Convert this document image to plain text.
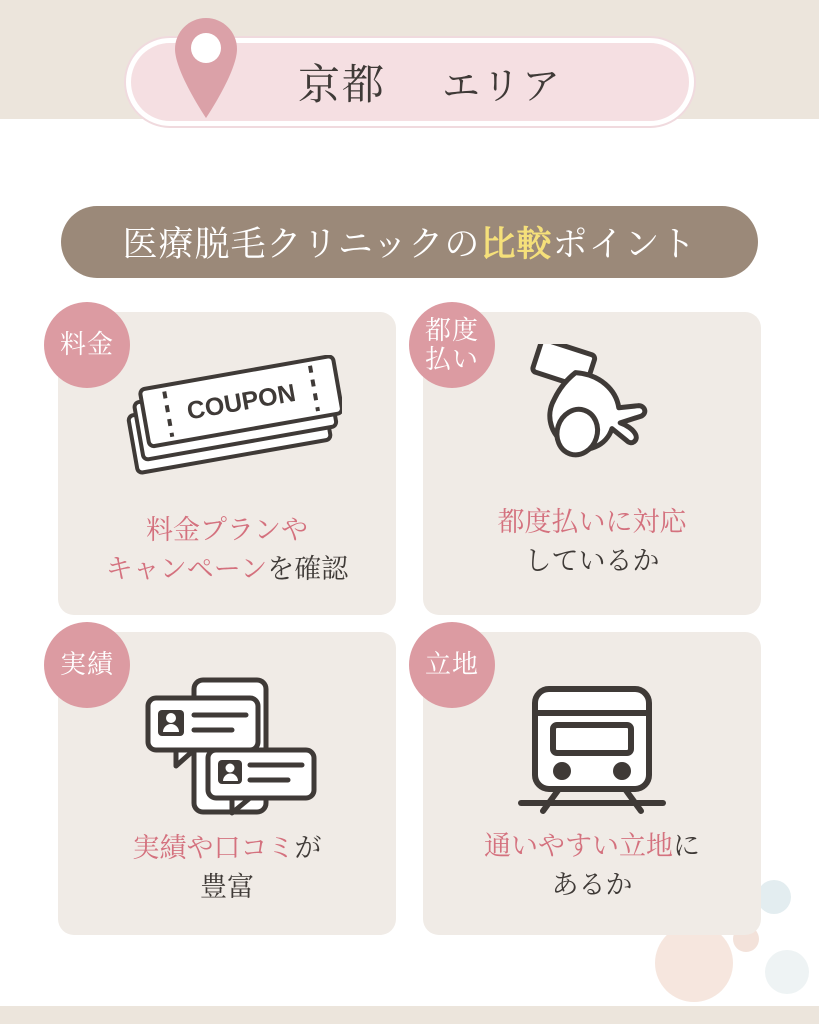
京都 エリア
医療脱毛クリニックの 比較 ポイント
料金
COUPON
料金プランや
キャンペーンを確認
都度
払い
都度払いに対応
しているか
実績
実績や口コミが
豊富
立地
通いやすい立地に
あるか
